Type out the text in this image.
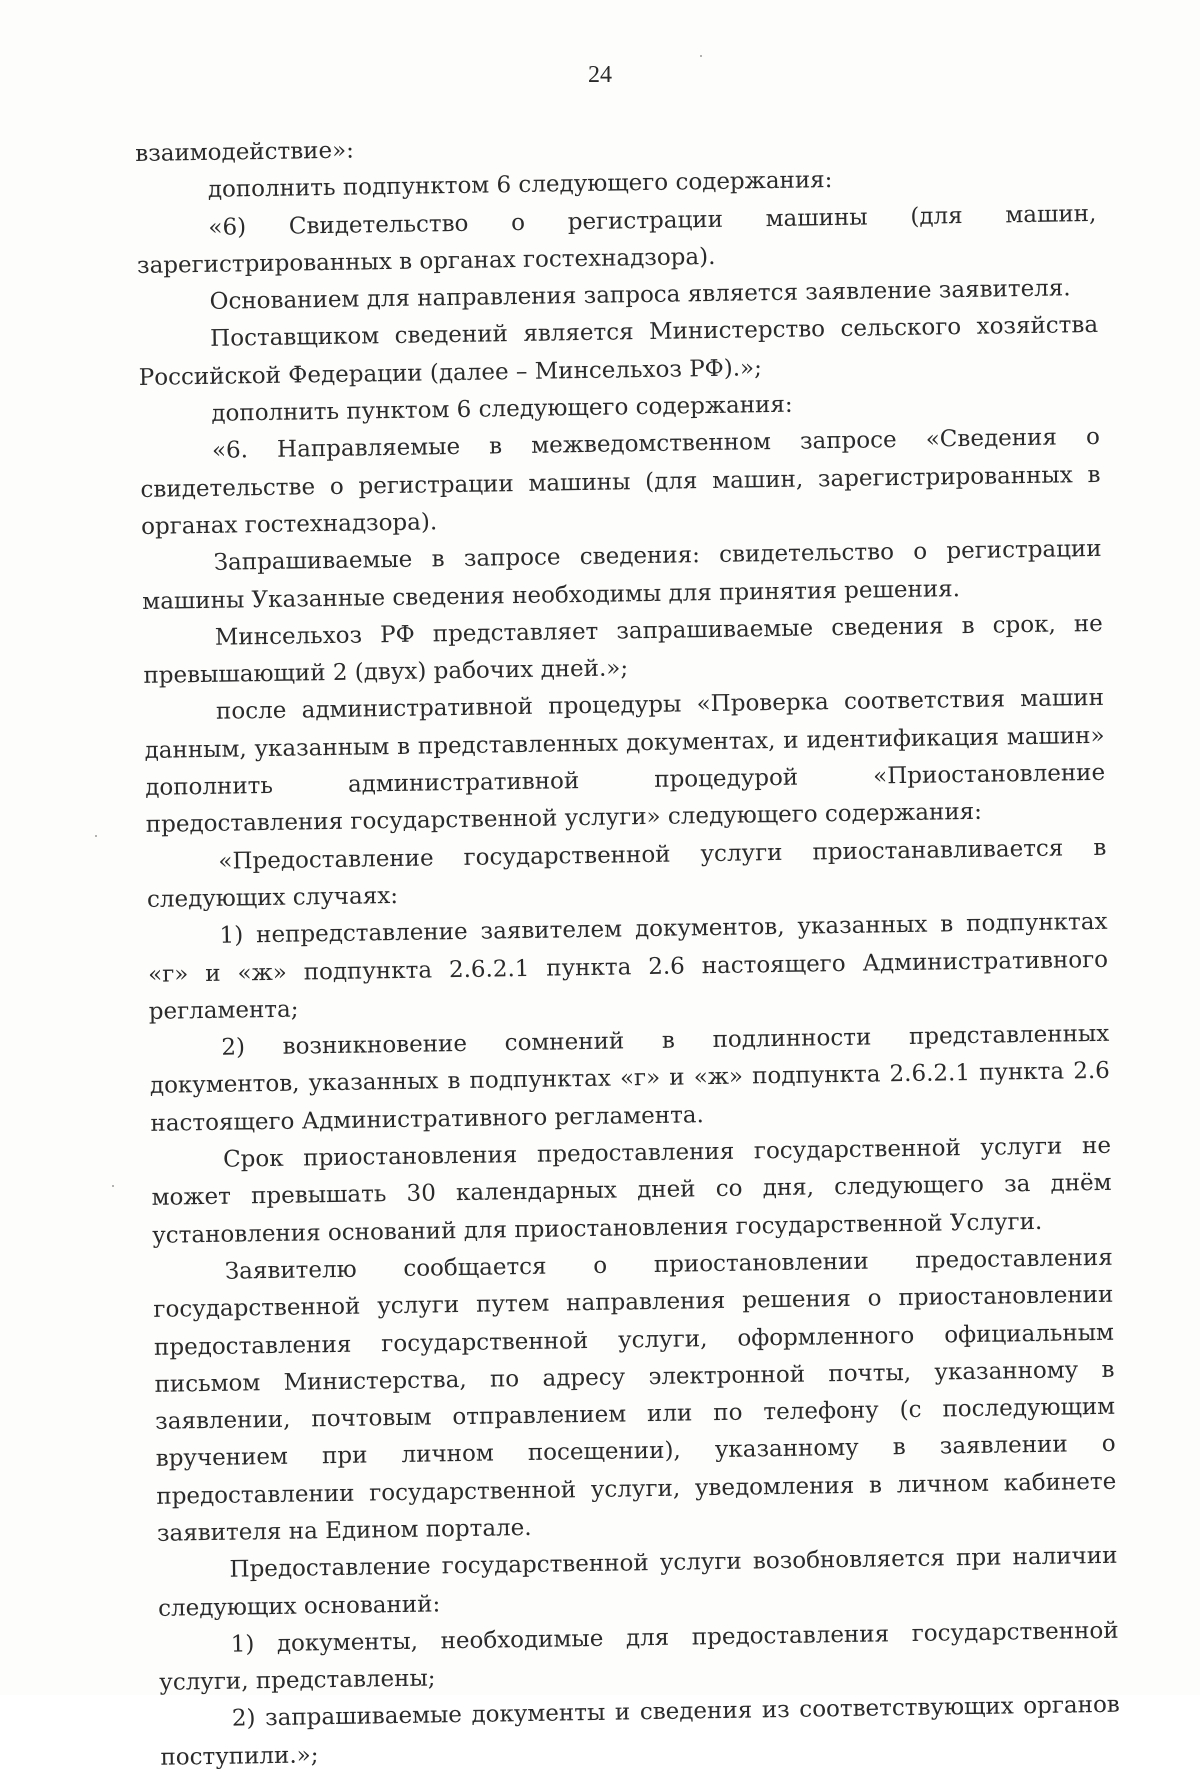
24

взаимодействие»:

дополнить подпунктом 6 следующего содержания:

«6) Свидетельство о регистрации машины (для машин, зарегистрированных в органах гостехнадзора).

Основанием для направления запроса является заявление заявителя.

Поставщиком сведений является Министерство сельского хозяйства Российской Федерации (далее – Минсельхоз РФ).»;

дополнить пунктом 6 следующего содержания:

«6. Направляемые в межведомственном запросе «Сведения о свидетельстве о регистрации машины (для машин, зарегистрированных в органах гостехнадзора).

Запрашиваемые в запросе сведения: свидетельство о регистрации машины Указанные сведения необходимы для принятия решения.

Минсельхоз РФ представляет запрашиваемые сведения в срок, не превышающий 2 (двух) рабочих дней.»;

после административной процедуры «Проверка соответствия машин данным, указанным в представленных документах, и идентификация машин» дополнить административной процедурой «Приостановление предоставления государственной услуги» следующего содержания:

«Предоставление государственной услуги приостанавливается в следующих случаях:

1) непредставление заявителем документов, указанных в подпунктах «г» и «ж» подпункта 2.6.2.1 пункта 2.6 настоящего Административного регламента;

2) возникновение сомнений в подлинности представленных документов, указанных в подпунктах «г» и «ж» подпункта 2.6.2.1 пункта 2.6 настоящего Административного регламента.

Срок приостановления предоставления государственной услуги не может превышать 30 календарных дней со дня, следующего за днём установления оснований для приостановления государственной Услуги.

Заявителю сообщается о приостановлении предоставления государственной услуги путем направления решения о приостановлении предоставления государственной услуги, оформленного официальным письмом Министерства, по адресу электронной почты, указанному в заявлении, почтовым отправлением или по телефону (с последующим вручением при личном посещении), указанному в заявлении о предоставлении государственной услуги, уведомления в личном кабинете заявителя на Едином портале.

Предоставление государственной услуги возобновляется при наличии следующих оснований:

1) документы, необходимые для предоставления государственной услуги, представлены;

2) запрашиваемые документы и сведения из соответствующих органов поступили.»;
